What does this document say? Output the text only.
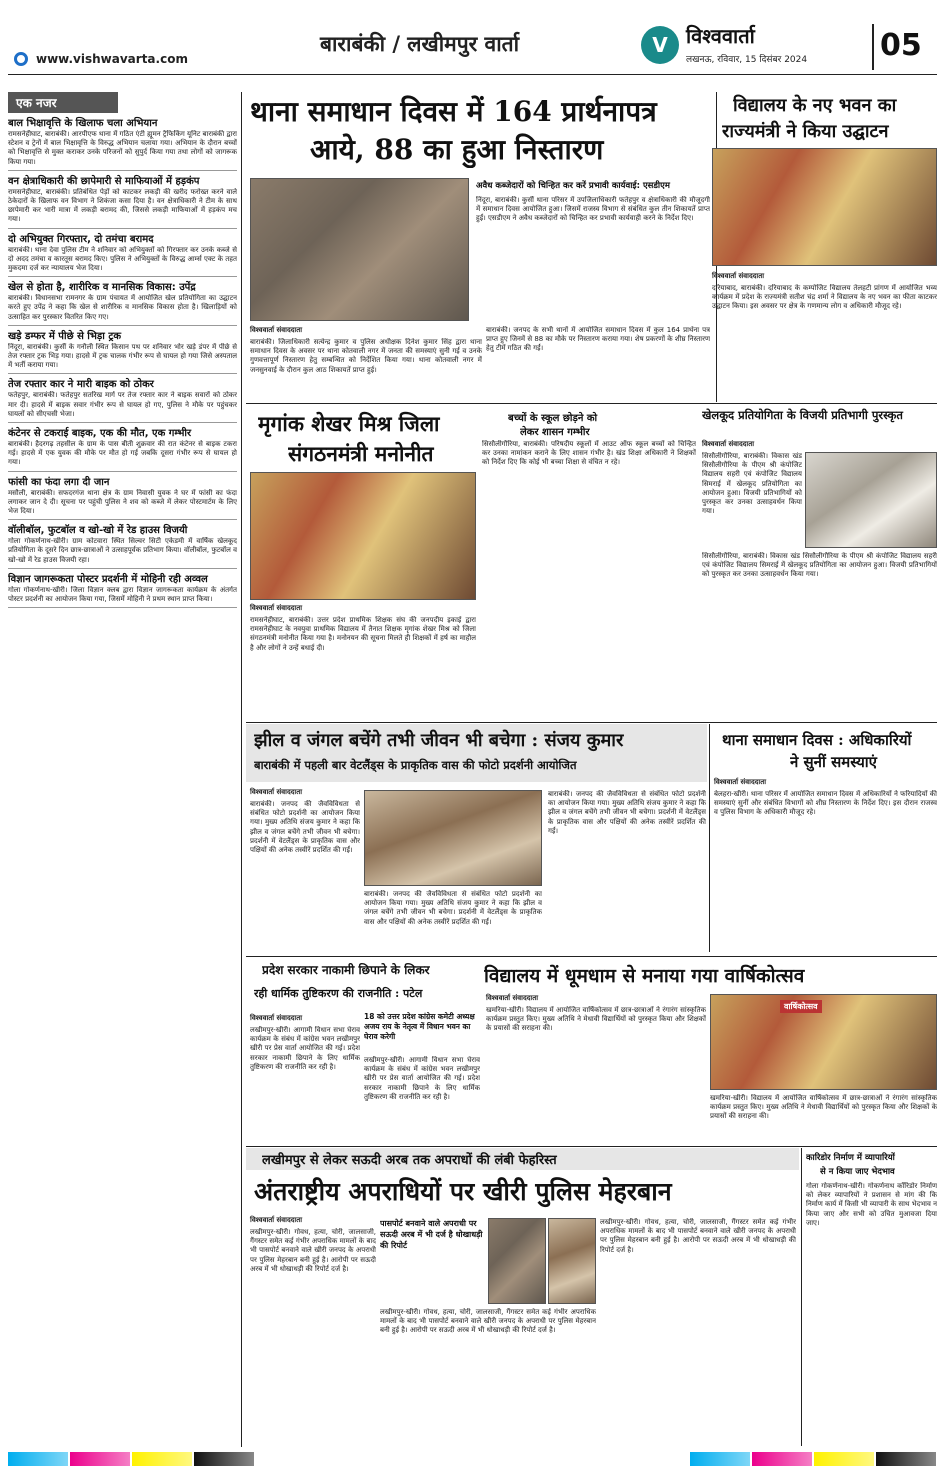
बाराबंकी / लखीमपुर वार्ता
www.vishwavarta.com
V विश्ववार्ता
लखनऊ, रविवार, 15 दिसंबर 2024 05
एक नजर
बाल भिक्षावृत्ति के खिलाफ चला अभियान
रामसनेहीघाट, बाराबंकी। आरपीएफ थाना में गठित एंटी ह्यूमन ट्रैफिकिंग यूनिट बाराबंकी द्वारा स्टेशन व ट्रेनों में बाल भिक्षावृत्ति के विरुद्ध अभियान चलाया गया। अभियान के दौरान बच्चों को भिक्षावृत्ति से मुक्त कराकर उनके परिजनों को सुपुर्द किया गया तथा लोगों को जागरूक किया गया।
वन क्षेत्राधिकारी की छापेमारी से माफियाओं में हड़कंप
रामसनेहीघाट, बाराबंकी। प्रतिबंधित पेड़ों को काटकर लकड़ी की खरीद फरोख्त करने वाले ठेकेदारों के खिलाफ वन विभाग ने शिकंजा कसा दिया है। वन क्षेत्राधिकारी ने टीम के साथ छापेमारी कर भारी मात्रा में लकड़ी बरामद की, जिससे लकड़ी माफियाओं में हड़कंप मच गया।
दो अभियुक्त गिरफ्तार, दो तमंचा बरामद
बाराबंकी। थाना देवा पुलिस टीम ने शनिवार को अभियुक्तों को गिरफ्तार कर उनके कब्जे से दो अदद तमंचा व कारतूस बरामद किए। पुलिस ने अभियुक्तों के विरुद्ध आर्म्स एक्ट के तहत मुकदमा दर्ज कर न्यायालय भेज दिया।
खेल से होता है, शारीरिक व मानसिक विकास: उपेंद्र
बाराबंकी। विधानसभा रामनगर के ग्राम पंचायत में आयोजित खेल प्रतियोगिता का उद्घाटन करते हुए उपेंद्र ने कहा कि खेल से शारीरिक व मानसिक विकास होता है। खिलाड़ियों को उत्साहित कर पुरस्कार वितरित किए गए।
खड़े डम्फर में पीछे से भिड़ा ट्रक
निंदूरा, बाराबंकी। कुर्सी के गनौली स्थित किसान पथ पर शनिवार भोर खड़े डंपर में पीछे से तेज रफ्तार ट्रक भिड़ गया। हादसे में ट्रक चालक गंभीर रूप से घायल हो गया जिसे अस्पताल में भर्ती कराया गया।
तेज रफ्तार कार ने मारी बाइक को ठोकर
फतेहपुर, बाराबंकी। फतेहपुर सतरिख मार्ग पर तेज रफ्तार कार ने बाइक सवारों को ठोकर मार दी। हादसे में बाइक सवार गंभीर रूप से घायल हो गए, पुलिस ने मौके पर पहुंचकर घायलों को सीएचसी भेजा।
कंटेनर से टकराई बाइक, एक की मौत, एक गम्भीर
बाराबंकी। हैदरगढ़ तहसील के ग्राम के पास बीती शुक्रवार की रात कंटेनर से बाइक टकरा गई। हादसे में एक युवक की मौके पर मौत हो गई जबकि दूसरा गंभीर रूप से घायल हो गया।
फांसी का फंदा लगा दी जान
मसौली, बाराबंकी। सफदरगंज थाना क्षेत्र के ग्राम निवासी युवक ने घर में फांसी का फंदा लगाकर जान दे दी। सूचना पर पहुंची पुलिस ने शव को कब्जे में लेकर पोस्टमार्टम के लिए भेज दिया।
वॉलीबॉल, फुटबॉल व खो-खो में रेड हाउस विजयी
गोला गोकर्णनाथ-खीरी। ग्राम कोटवारा स्थित सिल्वर सिटी एकेडमी में वार्षिक खेलकूद प्रतियोगिता के दूसरे दिन छात्र-छात्राओं ने उत्साहपूर्वक प्रतिभाग किया। वॉलीबॉल, फुटबॉल व खो-खो में रेड हाउस विजयी रहा।
विज्ञान जागरूकता पोस्टर प्रदर्शनी में मोहिनी रही अव्वल
गोला गोकर्णनाथ-खीरी। जिला विज्ञान क्लब द्वारा विज्ञान जागरूकता कार्यक्रम के अंतर्गत पोस्टर प्रदर्शनी का आयोजन किया गया, जिसमें मोहिनी ने प्रथम स्थान प्राप्त किया।
थाना समाधान दिवस में 164 प्रार्थनापत्र
आये, 88 का हुआ निस्तारण
अवैध कब्जेदारों को चिन्हित कर करें प्रभावी कार्यवाई: एसडीएम
निंदूरा, बाराबंकी। कुर्सी थाना परिसर में उपजिलाधिकारी फतेहपुर व क्षेत्राधिकारी की मौजूदगी में समाधान दिवस आयोजित हुआ। जिसमें राजस्व विभाग से संबंधित कुल तीन शिकायतें प्राप्त हुईं। एसडीएम ने अवैध कब्जेदारों को चिन्हित कर प्रभावी कार्यवाही करने के निर्देश दिए।
विश्ववार्ता संवाददाता
बाराबंकी। जिलाधिकारी सत्येन्द्र कुमार व पुलिस अधीक्षक दिनेश कुमार सिंह द्वारा थाना समाधान दिवस के अवसर पर थाना कोतवाली नगर में जनता की समस्याएं सुनी गई व उनके गुणवत्तापूर्ण निस्तारण हेतु सम्बन्धित को निर्देशित किया गया। थाना कोतवाली नगर में जनसुनवाई के दौरान कुल आठ शिकायतें प्राप्त हुई।
बाराबंकी। जनपद के सभी थानों में आयोजित समाधान दिवस में कुल 164 प्रार्थना पत्र प्राप्त हुए जिनमें से 88 का मौके पर निस्तारण कराया गया। शेष प्रकरणों के शीघ्र निस्तारण हेतु टीमें गठित की गईं।
विद्यालय के नए भवन का
राज्यमंत्री ने किया उद्घाटन
विश्ववार्ता संवाददाता
दरियाबाद, बाराबंकी। दरियाबाद के कम्पोजिट विद्यालय तेलहटी प्रांगण में आयोजित भव्य कार्यक्रम में प्रदेश के राज्यमंत्री सतीश चंद्र शर्मा ने विद्यालय के नए भवन का फीता काटकर उद्घाटन किया। इस अवसर पर क्षेत्र के गणमान्य लोग व अधिकारी मौजूद रहे।
मृगांक शेखर मिश्र जिला
संगठनमंत्री मनोनीत
विश्ववार्ता संवाददाता
रामसनेहीघाट, बाराबंकी। उत्तर प्रदेश प्राथमिक शिक्षक संघ की जनपदीय इकाई द्वारा रामसनेहीघाट के नवयुवा प्राथमिक विद्यालय में तैनात शिक्षक मृगांक शेखर मिश्र को जिला संगठनमंत्री मनोनीत किया गया है। मनोनयन की सूचना मिलते ही शिक्षकों में हर्ष का माहौल है और लोगों ने उन्हें बधाई दी।
बच्चों के स्कूल छोड़ने को
लेकर शासन गम्भीर
सिसौलीगौरिया, बाराबंकी। परिषदीय स्कूलों में आउट ऑफ स्कूल बच्चों को चिन्हित कर उनका नामांकन कराने के लिए शासन गंभीर है। खंड शिक्षा अधिकारी ने शिक्षकों को निर्देश दिए कि कोई भी बच्चा शिक्षा से वंचित न रहे।
खेलकूद प्रतियोगिता के विजयी प्रतिभागी पुरस्कृत
विश्ववार्ता संवाददाता
सिसौलीगौरिया, बाराबंकी। विकास खंड सिसौलीगौरिया के पीएम श्री कंपोजिट विद्यालय सहरी एवं कंपोजिट विद्यालय सिमराई में खेलकूद प्रतियोगिता का आयोजन हुआ। विजयी प्रतिभागियों को पुरस्कृत कर उनका उत्साहवर्धन किया गया।
सिसौलीगौरिया, बाराबंकी। विकास खंड सिसौलीगौरिया के पीएम श्री कंपोजिट विद्यालय सहरी एवं कंपोजिट विद्यालय सिमराई में खेलकूद प्रतियोगिता का आयोजन हुआ। विजयी प्रतिभागियों को पुरस्कृत कर उनका उत्साहवर्धन किया गया।
झील व जंगल बचेंगे तभी जीवन भी बचेगा : संजय कुमार
बाराबंकी में पहली बार वेटलैंड्स के प्राकृतिक वास की फोटो प्रदर्शनी आयोजित
विश्ववार्ता संवाददाता
बाराबंकी। जनपद की जैवविविधता से संबंधित फोटो प्रदर्शनी का आयोजन किया गया। मुख्य अतिथि संजय कुमार ने कहा कि झील व जंगल बचेंगे तभी जीवन भी बचेगा। प्रदर्शनी में वेटलैंड्स के प्राकृतिक वास और पक्षियों की अनेक तस्वीरें प्रदर्शित की गईं।
बाराबंकी। जनपद की जैवविविधता से संबंधित फोटो प्रदर्शनी का आयोजन किया गया। मुख्य अतिथि संजय कुमार ने कहा कि झील व जंगल बचेंगे तभी जीवन भी बचेगा। प्रदर्शनी में वेटलैंड्स के प्राकृतिक वास और पक्षियों की अनेक तस्वीरें प्रदर्शित की गईं।
बाराबंकी। जनपद की जैवविविधता से संबंधित फोटो प्रदर्शनी का आयोजन किया गया। मुख्य अतिथि संजय कुमार ने कहा कि झील व जंगल बचेंगे तभी जीवन भी बचेगा। प्रदर्शनी में वेटलैंड्स के प्राकृतिक वास और पक्षियों की अनेक तस्वीरें प्रदर्शित की गईं।
थाना समाधान दिवस : अधिकारियों
ने सुनीं समस्याएं
विश्ववार्ता संवाददाता
बेलहरा-खीरी। थाना परिसर में आयोजित समाधान दिवस में अधिकारियों ने फरियादियों की समस्याएं सुनीं और संबंधित विभागों को शीघ्र निस्तारण के निर्देश दिए। इस दौरान राजस्व व पुलिस विभाग के अधिकारी मौजूद रहे।
प्रदेश सरकार नाकामी छिपाने के लिकर
रही धार्मिक तुष्टिकरण की राजनीति : पटेल
18 को उत्तर प्रदेश कांग्रेस कमेटी अध्यक्ष अजय राय के नेतृत्व में विधान भवन का घेराव करेगी
विश्ववार्ता संवाददाता
लखीमपुर-खीरी। आगामी विधान सभा घेराव कार्यक्रम के संबंध में कांग्रेस भवन लखीमपुर खीरी पर प्रेस वार्ता आयोजित की गई। प्रदेश सरकार नाकामी छिपाने के लिए धार्मिक तुष्टिकरण की राजनीति कर रही है।
लखीमपुर-खीरी। आगामी विधान सभा घेराव कार्यक्रम के संबंध में कांग्रेस भवन लखीमपुर खीरी पर प्रेस वार्ता आयोजित की गई। प्रदेश सरकार नाकामी छिपाने के लिए धार्मिक तुष्टिकरण की राजनीति कर रही है।
विद्यालय में धूमधाम से मनाया गया वार्षिकोत्सव
विश्ववार्ता संवाददाता
खमरिया-खीरी। विद्यालय में आयोजित वार्षिकोत्सव में छात्र-छात्राओं ने रंगारंग सांस्कृतिक कार्यक्रम प्रस्तुत किए। मुख्य अतिथि ने मेधावी विद्यार्थियों को पुरस्कृत किया और शिक्षकों के प्रयासों की सराहना की।
वार्षिकोत्सव
खमरिया-खीरी। विद्यालय में आयोजित वार्षिकोत्सव में छात्र-छात्राओं ने रंगारंग सांस्कृतिक कार्यक्रम प्रस्तुत किए। मुख्य अतिथि ने मेधावी विद्यार्थियों को पुरस्कृत किया और शिक्षकों के प्रयासों की सराहना की।
लखीमपुर से लेकर सऊदी अरब तक अपराधों की लंबी फेहरिस्त
अंतराष्ट्रीय अपराधियों पर खीरी पुलिस मेहरबान
विश्ववार्ता संवाददाता
लखीमपुर-खीरी। गोवध, हत्या, चोरी, जालसाजी, गैंगस्टर समेत कई गंभीर अपराधिक मामलों के बाद भी पासपोर्ट बनवाने वाले खीरी जनपद के अपराधी पर पुलिस मेहरबान बनी हुई है। आरोपी पर सऊदी अरब में भी धोखाधड़ी की रिपोर्ट दर्ज है।
पासपोर्ट बनवाने वाले अपराधी पर सऊदी अरब में भी दर्ज है धोखाधड़ी की रिपोर्ट
लखीमपुर-खीरी। गोवध, हत्या, चोरी, जालसाजी, गैंगस्टर समेत कई गंभीर अपराधिक मामलों के बाद भी पासपोर्ट बनवाने वाले खीरी जनपद के अपराधी पर पुलिस मेहरबान बनी हुई है। आरोपी पर सऊदी अरब में भी धोखाधड़ी की रिपोर्ट दर्ज है।
लखीमपुर-खीरी। गोवध, हत्या, चोरी, जालसाजी, गैंगस्टर समेत कई गंभीर अपराधिक मामलों के बाद भी पासपोर्ट बनवाने वाले खीरी जनपद के अपराधी पर पुलिस मेहरबान बनी हुई है। आरोपी पर सऊदी अरब में भी धोखाधड़ी की रिपोर्ट दर्ज है।
कारिडोर निर्माण में व्यापारियों
से न किया जाए भेदभाव
गोला गोकर्णनाथ-खीरी। गोकर्णनाथ कॉरिडोर निर्माण को लेकर व्यापारियों ने प्रशासन से मांग की कि निर्माण कार्य में किसी भी व्यापारी के साथ भेदभाव न किया जाए और सभी को उचित मुआवजा दिया जाए।
